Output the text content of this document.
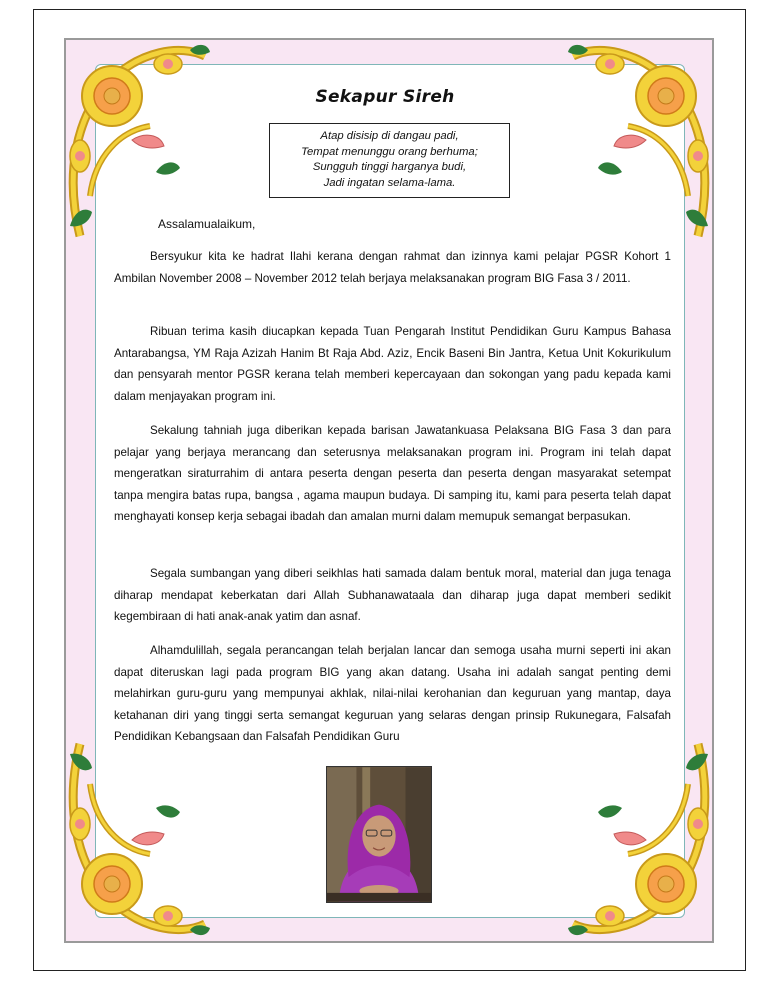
Sekapur Sireh
Atap disisip di dangau padi,
Tempat menunggu orang berhuma;
Sungguh tinggi harganya budi,
Jadi ingatan selama-lama.
Assalamualaikum,

Bersyukur kita ke hadrat Ilahi kerana dengan rahmat dan izinnya kami pelajar PGSR Kohort 1 Ambilan November 2008 – November 2012 telah berjaya melaksanakan program BIG Fasa 3 / 2011.

Ribuan terima kasih diucapkan kepada Tuan Pengarah Institut Pendidikan Guru Kampus Bahasa Antarabangsa, YM Raja Azizah Hanim Bt Raja Abd. Aziz, Encik Baseni Bin Jantra, Ketua Unit Kokurikulum dan pensyarah mentor PGSR kerana telah memberi kepercayaan dan sokongan yang padu kepada kami dalam menjayakan program ini.

Sekalung tahniah juga diberikan kepada barisan Jawatankuasa Pelaksana BIG Fasa 3 dan para pelajar yang berjaya merancang dan seterusnya melaksanakan program ini. Program ini telah dapat mengeratkan siraturrahim di antara peserta dengan peserta dan peserta dengan masyarakat setempat tanpa mengira batas rupa, bangsa , agama maupun budaya. Di samping itu, kami para peserta telah dapat menghayati konsep kerja sebagai ibadah dan amalan murni dalam memupuk semangat berpasukan.

Segala sumbangan yang diberi seikhlas hati samada dalam bentuk moral, material dan juga tenaga diharap mendapat keberkatan dari Allah Subhanawataala dan diharap juga dapat memberi sedikit kegembiraan di hati anak-anak yatim dan asnaf.

Alhamdulillah, segala perancangan telah berjalan lancar dan semoga usaha murni seperti ini akan dapat diteruskan lagi pada program BIG yang akan datang. Usaha ini adalah sangat penting demi melahirkan guru-guru yang mempunyai akhlak, nilai-nilai kerohanian dan keguruan yang mantap, daya ketahanan diri yang tinggi serta semangat keguruan yang selaras dengan prinsip Rukunegara, Falsafah Pendidikan Kebangsaan dan Falsafah Pendidikan Guru
